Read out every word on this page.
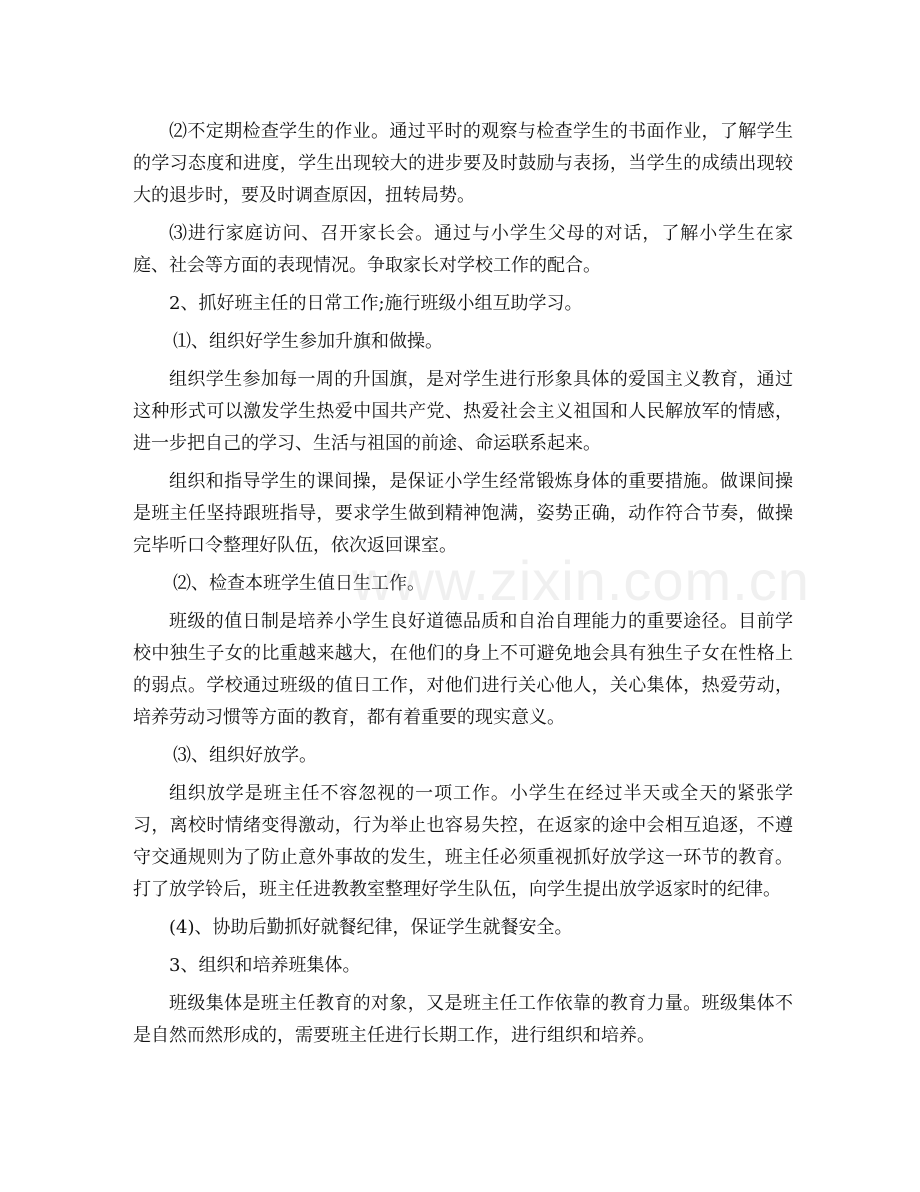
⑵不定期检查学生的作业。通过平时的观察与检查学生的书面作业，了解学生的学习态度和进度，学生出现较大的进步要及时鼓励与表扬，当学生的成绩出现较大的退步时，要及时调查原因，扭转局势。

⑶进行家庭访问、召开家长会。通过与小学生父母的对话，了解小学生在家庭、社会等方面的表现情况。争取家长对学校工作的配合。

2、抓好班主任的日常工作;施行班级小组互助学习。

⑴、组织好学生参加升旗和做操。

组织学生参加每一周的升国旗，是对学生进行形象具体的爱国主义教育，通过这种形式可以激发学生热爱中国共产党、热爱社会主义祖国和人民解放军的情感，进一步把自己的学习、生活与祖国的前途、命运联系起来。

组织和指导学生的课间操，是保证小学生经常锻炼身体的重要措施。做课间操是班主任坚持跟班指导，要求学生做到精神饱满，姿势正确，动作符合节奏，做操完毕听口令整理好队伍，依次返回课室。

⑵、检查本班学生值日生工作。

班级的值日制是培养小学生良好道德品质和自治自理能力的重要途径。目前学校中独生子女的比重越来越大，在他们的身上不可避免地会具有独生子女在性格上的弱点。学校通过班级的值日工作，对他们进行关心他人，关心集体，热爱劳动，培养劳动习惯等方面的教育，都有着重要的现实意义。

⑶、组织好放学。

组织放学是班主任不容忽视的一项工作。小学生在经过半天或全天的紧张学习，离校时情绪变得激动，行为举止也容易失控，在返家的途中会相互追逐，不遵守交通规则为了防止意外事故的发生，班主任必须重视抓好放学这一环节的教育。打了放学铃后，班主任进教教室整理好学生队伍，向学生提出放学返家时的纪律。

(4)、协助后勤抓好就餐纪律，保证学生就餐安全。

3、组织和培养班集体。

班级集体是班主任教育的对象，又是班主任工作依靠的教育力量。班级集体不是自然而然形成的，需要班主任进行长期工作，进行组织和培养。

www.zixin.com.cn
